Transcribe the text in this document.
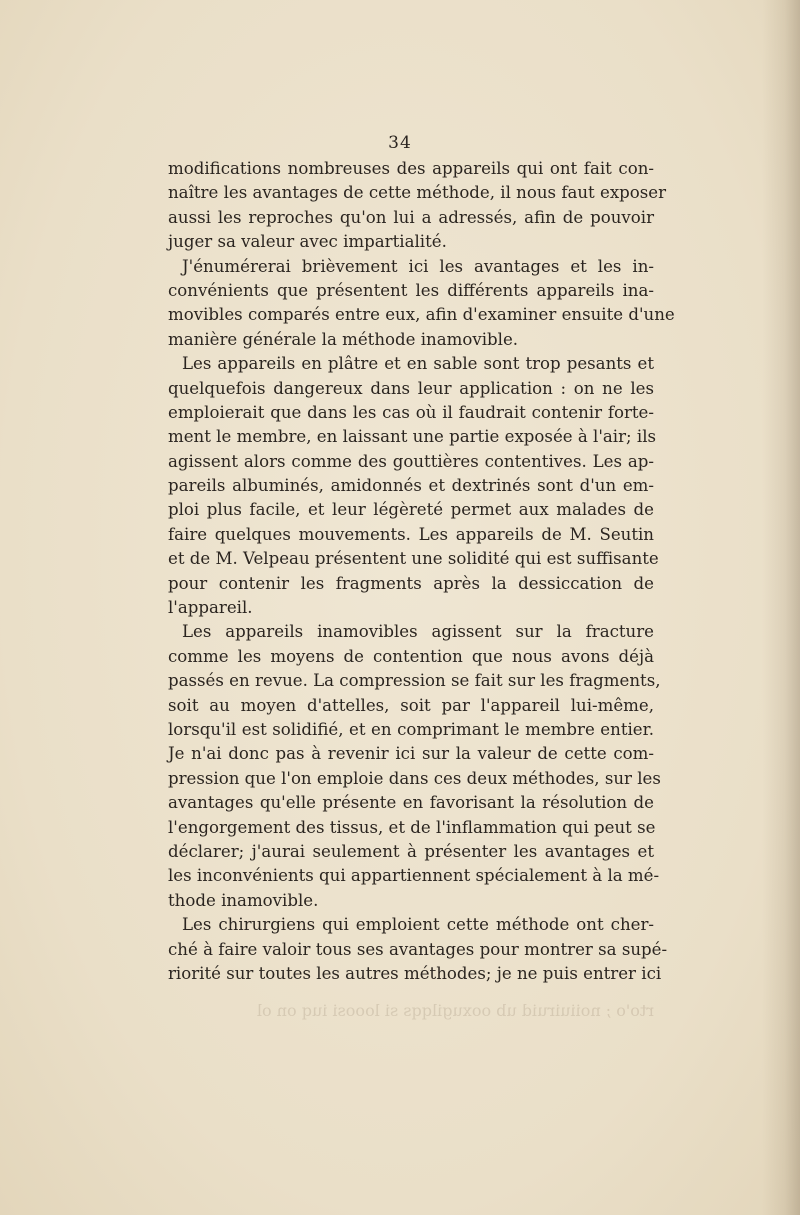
34
modifications nombreuses des appareils qui ont fait con-
naître les avantages de cette méthode, il nous faut exposer
aussi les reproches qu'on lui a adressés, afin de pouvoir
juger sa valeur avec impartialité.
J'énumérerai brièvement ici les avantages et les in-
convénients que présentent les différents appareils ina-
movibles comparés entre eux, afin d'examiner ensuite d'une
manière générale la méthode inamovible.
Les appareils en plâtre et en sable sont trop pesants et
quelquefois dangereux dans leur application : on ne les
emploierait que dans les cas où il faudrait contenir forte-
ment le membre, en laissant une partie exposée à l'air; ils
agissent alors comme des gouttières contentives. Les ap-
pareils albuminés, amidonnés et dextrinés sont d'un em-
ploi plus facile, et leur légèreté permet aux malades de
faire quelques mouvements. Les appareils de M. Seutin
et de M. Velpeau présentent une solidité qui est suffisante
pour contenir les fragments après la dessiccation de
l'appareil.
Les appareils inamovibles agissent sur la fracture
comme les moyens de contention que nous avons déjà
passés en revue. La compression se fait sur les fragments,
soit au moyen d'attelles, soit par l'appareil lui-même,
lorsqu'il est solidifié, et en comprimant le membre entier.
Je n'ai donc pas à revenir ici sur la valeur de cette com-
pression que l'on emploie dans ces deux méthodes, sur les
avantages qu'elle présente en favorisant la résolution de
l'engorgement des tissus, et de l'inflammation qui peut se
déclarer; j'aurai seulement à présenter les avantages et
les inconvénients qui appartiennent spécialement à la mé-
thode inamovible.
Les chirurgiens qui emploient cette méthode ont cher-
ché à faire valoir tous ses avantages pour montrer sa supé-
riorité sur toutes les autres méthodes; je ne puis entrer ici
rto'o ; noiiuiruid ub ooxugilqqs si looosi iuq on ol
